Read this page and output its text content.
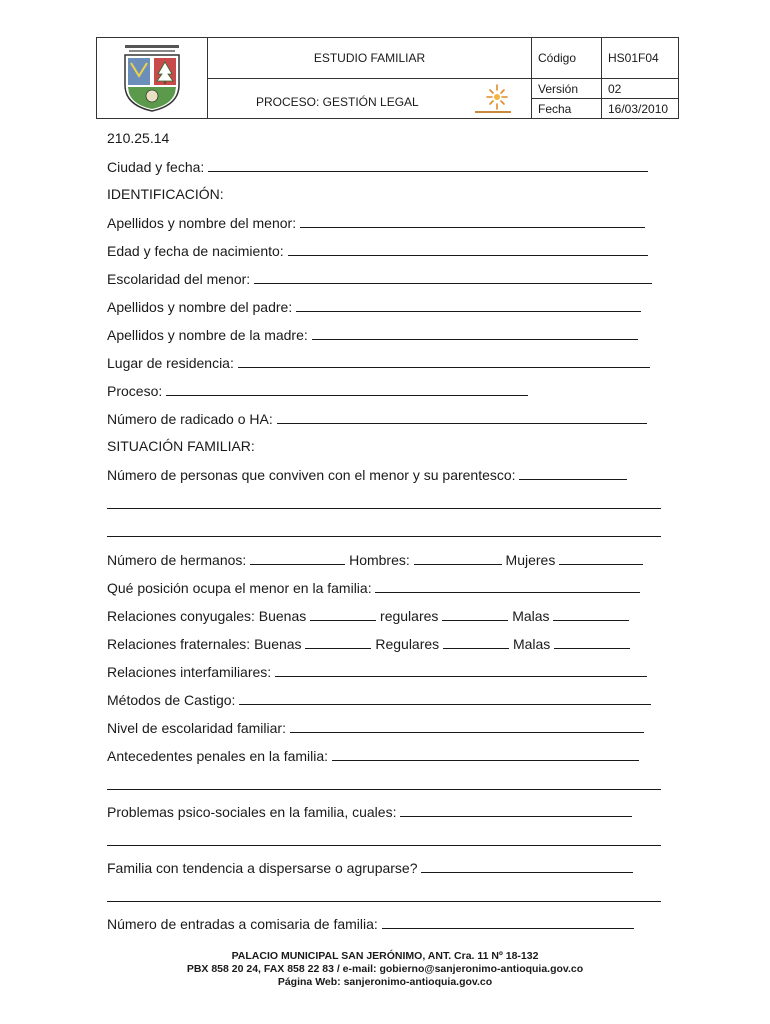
	ESTUDIO FAMILIAR	Código	HS01F04

	PROCESO: GESTIÓN LEGAL	Versión	02
		Fecha	16/03/2010
210.25.14
Ciudad y fecha:
IDENTIFICACIÓN:
Apellidos y nombre del menor:
Edad y fecha de nacimiento:
Escolaridad del menor:
Apellidos y nombre del padre:
Apellidos y nombre de la madre:
Lugar de residencia:
Proceso:
Número de radicado o HA:
SITUACIÓN FAMILIAR:
Número de personas que conviven con el menor y su parentesco:
Número de hermanos:	Hombres:	Mujeres
Qué posición ocupa el menor en la familia:
Relaciones conyugales: Buenas	regulares	Malas
Relaciones fraternales: Buenas	Regulares	Malas
Relaciones interfamiliares:
Métodos de Castigo:
Nivel de escolaridad familiar:
Antecedentes penales en la familia:
Problemas psico-sociales en la familia, cuales:
Familia con tendencia a dispersarse o agruparse?
Número de entradas a comisaria de familia:
PALACIO MUNICIPAL SAN JERÓNIMO, ANT. Cra. 11 Nº 18-132
PBX 858 20 24, FAX 858 22 83 / e-mail: gobierno@sanjeronimo-antioquia.gov.co
Página Web: sanjeronimo-antioquia.gov.co
